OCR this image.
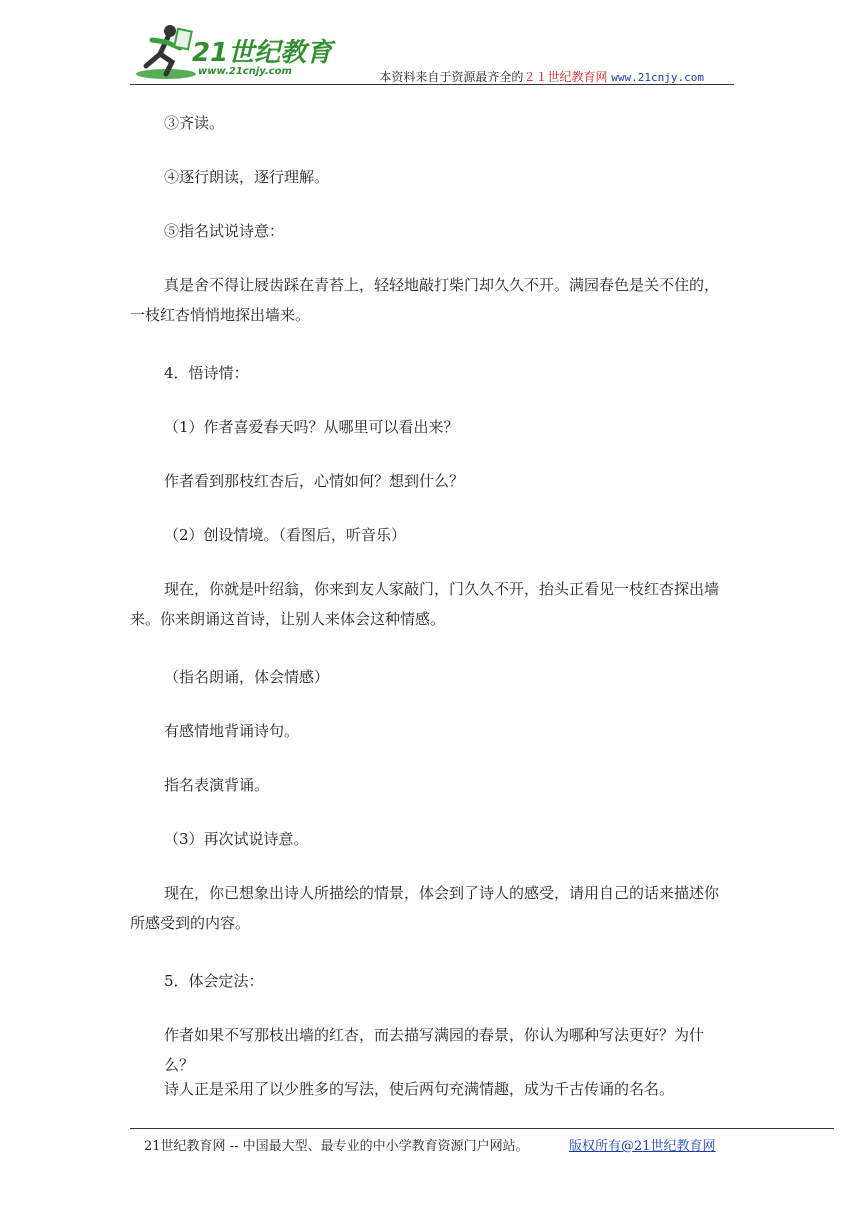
21世纪教育
www.21cnjy.com	本资料来自于资源最齐全的２１世纪教育网 www.21cnjy.com
③齐读。
④逐行朗读，逐行理解。
⑤指名试说诗意：
真是舍不得让屐齿踩在青苔上，轻轻地敲打柴门却久久不开。满园春色是关不住的，一枝红杏悄悄地探出墙来。
4．悟诗情：
（1）作者喜爱春天吗？从哪里可以看出来？
作者看到那枝红杏后，心情如何？想到什么？
（2）创设情境。（看图后，听音乐）
现在，你就是叶绍翁，你来到友人家敲门，门久久不开，抬头正看见一枝红杏探出墙来。你来朗诵这首诗，让别人来体会这种情感。
（指名朗诵，体会情感）
有感情地背诵诗句。
指名表演背诵。
（3）再次试说诗意。
现在，你已想象出诗人所描绘的情景，体会到了诗人的感受，请用自己的话来描述你所感受到的内容。
5．体会定法：
作者如果不写那枝出墙的红杏，而去描写满园的春景，你认为哪种写法更好？为什么？
诗人正是采用了以少胜多的写法，使后两句充满情趣，成为千古传诵的名名。
21世纪教育网 -- 中国最大型、最专业的中小学教育资源门户网站。	版权所有@21世纪教育网
